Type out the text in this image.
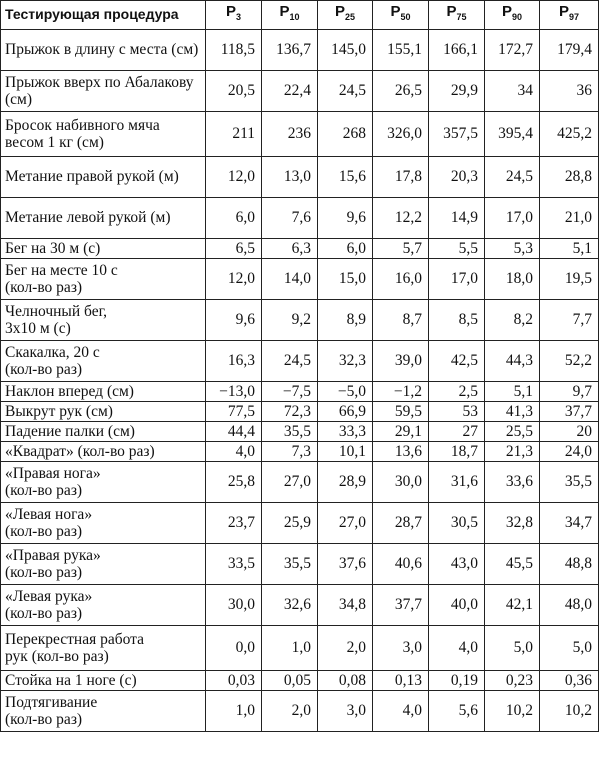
Тестирующая процедура	$P_3$	$P_{10}$	$P_{25}$	$P_{50}$	$P_{75}$	$P_{90}$	$P_{97}$

Прыжок в длину с места (см)	118,5	136,7	145,0	155,1	166,1	172,7	179,4

Прыжок вверх по Абалакову (см)	20,5	22,4	24,5	26,5	29,9	34	36

Бросок набивного мяча весом 1 кг (см)	211	236	268	326,0	357,5	395,4	425,2

Метание правой рукой (м)	12,0	13,0	15,6	17,8	20,3	24,5	28,8

Метание левой рукой (м)	6,0	7,6	9,6	12,2	14,9	17,0	21,0

Бег на 30 м (с)	6,5	6,3	6,0	5,7	5,5	5,3	5,1

Бег на месте 10 с
(кол-во раз)	12,0	14,0	15,0	16,0	17,0	18,0	19,5

Челночный бег,
3x10 м (с)	9,6	9,2	8,9	8,7	8,5	8,2	7,7

Скакалка, 20 с
(кол-во раз)	16,3	24,5	32,3	39,0	42,5	44,3	52,2

Наклон вперед (см)	−13,0	−7,5	−5,0	−1,2	2,5	5,1	9,7

Выкрут рук (см)	77,5	72,3	66,9	59,5	53	41,3	37,7

Падение палки (см)	44,4	35,5	33,3	29,1	27	25,5	20

«Квадрат» (кол-во раз)	4,0	7,3	10,1	13,6	18,7	21,3	24,0

«Правая нога»
(кол-во раз)	25,8	27,0	28,9	30,0	31,6	33,6	35,5

«Левая нога»
(кол-во раз)	23,7	25,9	27,0	28,7	30,5	32,8	34,7

«Правая рука»
(кол-во раз)	33,5	35,5	37,6	40,6	43,0	45,5	48,8

«Левая рука»
(кол-во раз)	30,0	32,6	34,8	37,7	40,0	42,1	48,0

Перекрестная работа
рук (кол-во раз)	0,0	1,0	2,0	3,0	4,0	5,0	5,0

Стойка на 1 ноге (с)	0,03	0,05	0,08	0,13	0,19	0,23	0,36

Подтягивание
(кол-во раз)	1,0	2,0	3,0	4,0	5,6	10,2	10,2
